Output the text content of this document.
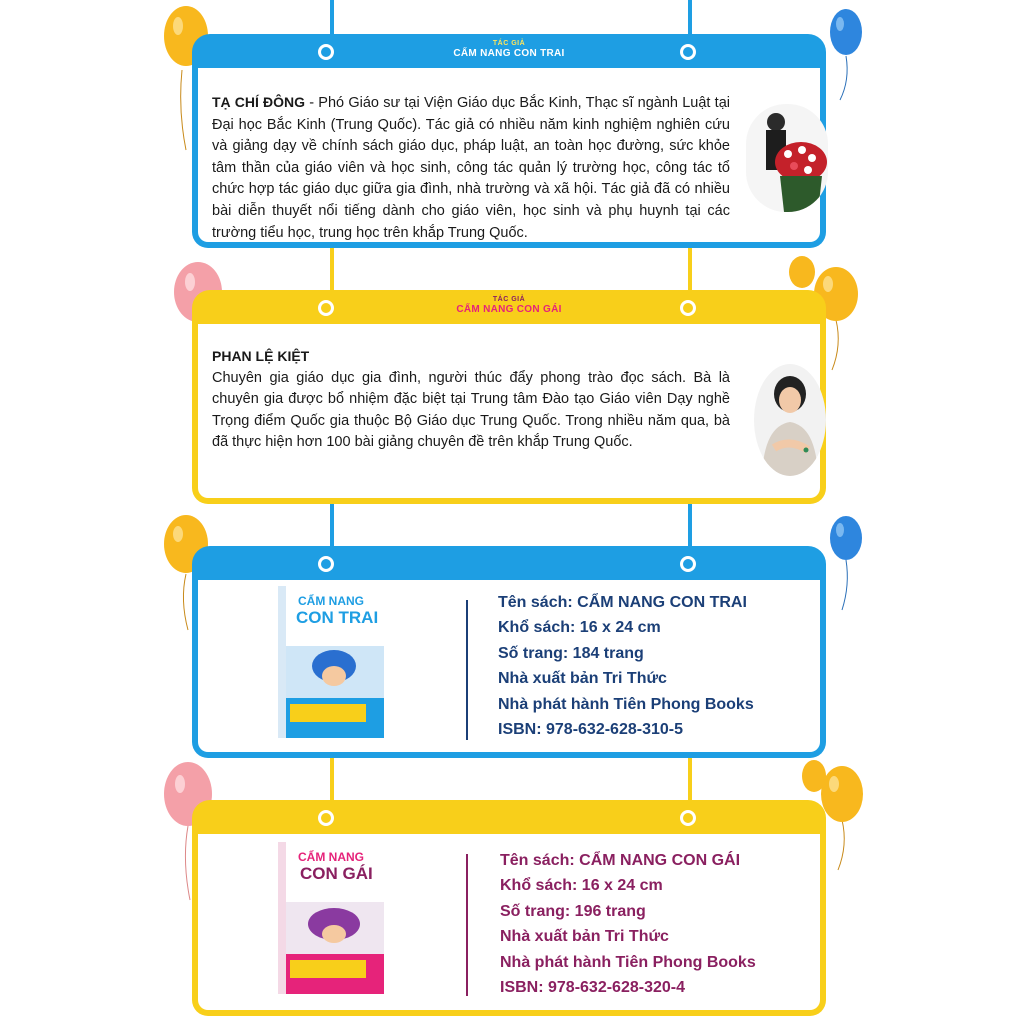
TÁC GIẢ
CẨM NANG CON TRAI
TẠ CHÍ ĐÔNG - Phó Giáo sư tại Viện Giáo dục Bắc Kinh, Thạc sĩ ngành Luật tại Đại học Bắc Kinh (Trung Quốc). Tác giả có nhiều năm kinh nghiệm nghiên cứu và giảng dạy về chính sách giáo dục, pháp luật, an toàn học đường, sức khỏe tâm thần của giáo viên và học sinh, công tác quản lý trường học, công tác tổ chức hợp tác giáo dục giữa gia đình, nhà trường và xã hội. Tác giả đã có nhiều bài diễn thuyết nổi tiếng dành cho giáo viên, học sinh và phụ huynh tại các trường tiểu học, trung học trên khắp Trung Quốc.
TÁC GIẢ
CẨM NANG CON GÁI
PHAN LỆ KIỆT
Chuyên gia giáo dục gia đình, người thúc đẩy phong trào đọc sách. Bà là chuyên gia được bổ nhiệm đặc biệt tại Trung tâm Đào tạo Giáo viên Dạy nghề Trọng điểm Quốc gia thuộc Bộ Giáo dục Trung Quốc. Trong nhiều năm qua, bà đã thực hiện hơn 100 bài giảng chuyên đề trên khắp Trung Quốc.
CẨM NANG
CON TRAI
Tên sách: CẨM NANG CON TRAI
Khổ sách: 16 x 24 cm
Số trang: 184 trang
Nhà xuất bản Tri Thức
Nhà phát hành Tiên Phong Books
ISBN: 978-632-628-310-5
CẨM NANG
CON GÁI
Tên sách: CẨM NANG CON GÁI
Khổ sách: 16 x 24 cm
Số trang: 196 trang
Nhà xuất bản Tri Thức
Nhà phát hành Tiên Phong Books
ISBN: 978-632-628-320-4
